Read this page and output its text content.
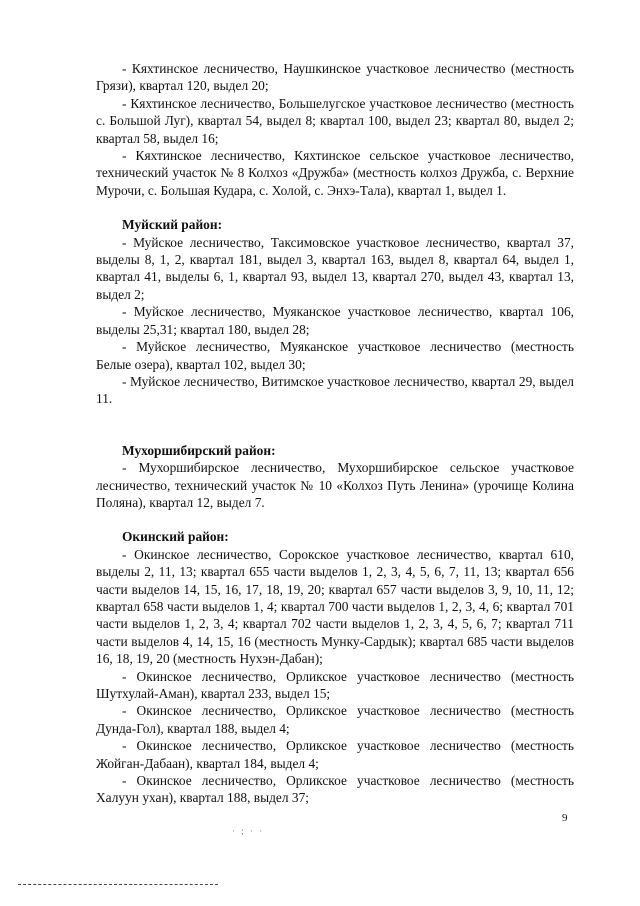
- Кяхтинское лесничество, Наушкинское участковое лесничество (местность Грязи), квартал 120, выдел 20;

- Кяхтинское лесничество, Большелугское участковое лесничество (местность с. Большой Луг), квартал 54, выдел 8; квартал 100, выдел 23; квартал 80, выдел 2; квартал 58, выдел 16;

- Кяхтинское лесничество, Кяхтинское сельское участковое лесничество, технический участок № 8 Колхоз «Дружба» (местность колхоз Дружба, с. Верхние Мурочи, с. Большая Кудара, с. Холой, с. Энхэ-Тала), квартал 1, выдел 1.

Муйский район:

- Муйское лесничество, Таксимовское участковое лесничество, квартал 37, выделы 8, 1, 2, квартал 181, выдел 3, квартал 163, выдел 8, квартал 64, выдел 1, квартал 41, выделы 6, 1, квартал 93, выдел 13, квартал 270, выдел 43, квартал 13, выдел 2;

- Муйское лесничество, Муяканское участковое лесничество, квартал 106, выделы 25,31; квартал 180, выдел 28;

- Муйское лесничество, Муяканское участковое лесничество (местность Белые озера), квартал 102, выдел 30;

- Муйское лесничество, Витимское участковое лесничество, квартал 29, выдел 11.

Мухоршибирский район:

- Мухоршибирское лесничество, Мухоршибирское сельское участковое лесничество, технический участок № 10 «Колхоз Путь Ленина» (урочище Колина Поляна), квартал 12, выдел 7.

Окинский район:

- Окинское лесничество, Сорокское участковое лесничество, квартал 610, выделы 2, 11, 13; квартал 655 части выделов 1, 2, 3, 4, 5, 6, 7, 11, 13; квартал 656 части выделов 14, 15, 16, 17, 18, 19, 20; квартал 657 части выделов 3, 9, 10, 11, 12; квартал 658 части выделов 1, 4; квартал 700 части выделов 1, 2, 3, 4, 6; квартал 701 части выделов 1, 2, 3, 4; квартал 702 части выделов 1, 2, 3, 4, 5, 6, 7; квартал 711 части выделов 4, 14, 15, 16 (местность Мунку-Сардык); квартал 685 части выделов 16, 18, 19, 20 (местность Нухэн-Дабан);

- Окинское лесничество, Орликское участковое лесничество (местность Шутхулай-Аман), квартал 233, выдел 15;

- Окинское лесничество, Орликское участковое лесничество (местность Дунда-Гол), квартал 188, выдел 4;

- Окинское лесничество, Орликское участковое лесничество (местность Жойган-Дабаан), квартал 184, выдел 4;

- Окинское лесничество, Орликское участковое лесничество (местность Халуун ухан), квартал 188, выдел 37;

9
· ; · ·
